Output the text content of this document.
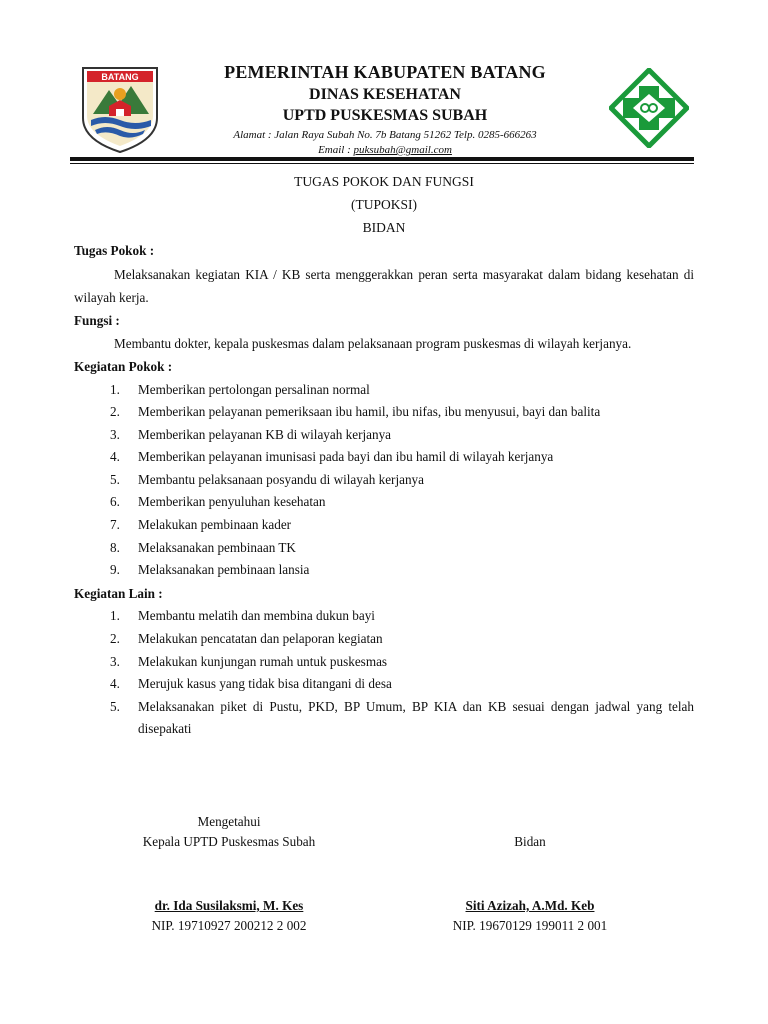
BATANG	PEMERINTAH KABUPATEN BATANG
DINAS KESEHATAN
UPTD PUSKESMAS SUBAH
Alamat : Jalan Raya Subah No. 7b Batang 51262 Telp. 0285-666263
Email : puksubah@gmail.com
TUGAS POKOK DAN FUNGSI
(TUPOKSI)
BIDAN
Tugas Pokok :
Melaksanakan kegiatan KIA / KB serta menggerakkan peran serta masyarakat dalam bidang kesehatan di wilayah kerja.
Fungsi :
Membantu dokter, kepala puskesmas dalam pelaksanaan program puskesmas di wilayah kerjanya.
Kegiatan Pokok :
1.	Memberikan pertolongan persalinan normal
2.	Memberikan pelayanan pemeriksaan ibu hamil, ibu nifas, ibu menyusui, bayi dan balita
3.	Memberikan pelayanan KB di wilayah kerjanya
4.	Memberikan pelayanan imunisasi pada bayi dan ibu hamil di wilayah kerjanya
5.	Membantu pelaksanaan posyandu di wilayah kerjanya
6.	Memberikan penyuluhan kesehatan
7.	Melakukan pembinaan kader
8.	Melaksanakan pembinaan TK
9.	Melaksanakan pembinaan lansia
Kegiatan Lain :
1.	Membantu melatih dan membina dukun bayi
2.	Melakukan pencatatan dan pelaporan kegiatan
3.	Melakukan kunjungan rumah untuk puskesmas
4.	Merujuk kasus yang tidak bisa ditangani di desa
5.	Melaksanakan piket di Pustu, PKD, BP Umum, BP KIA dan KB sesuai dengan jadwal yang telah disepakati
Mengetahui
Kepala UPTD Puskesmas Subah
dr. Ida Susilaksmi, M. Kes
NIP. 19710927 200212 2 002

Bidan
Siti Azizah, A.Md. Keb
NIP. 19670129 199011 2 001
